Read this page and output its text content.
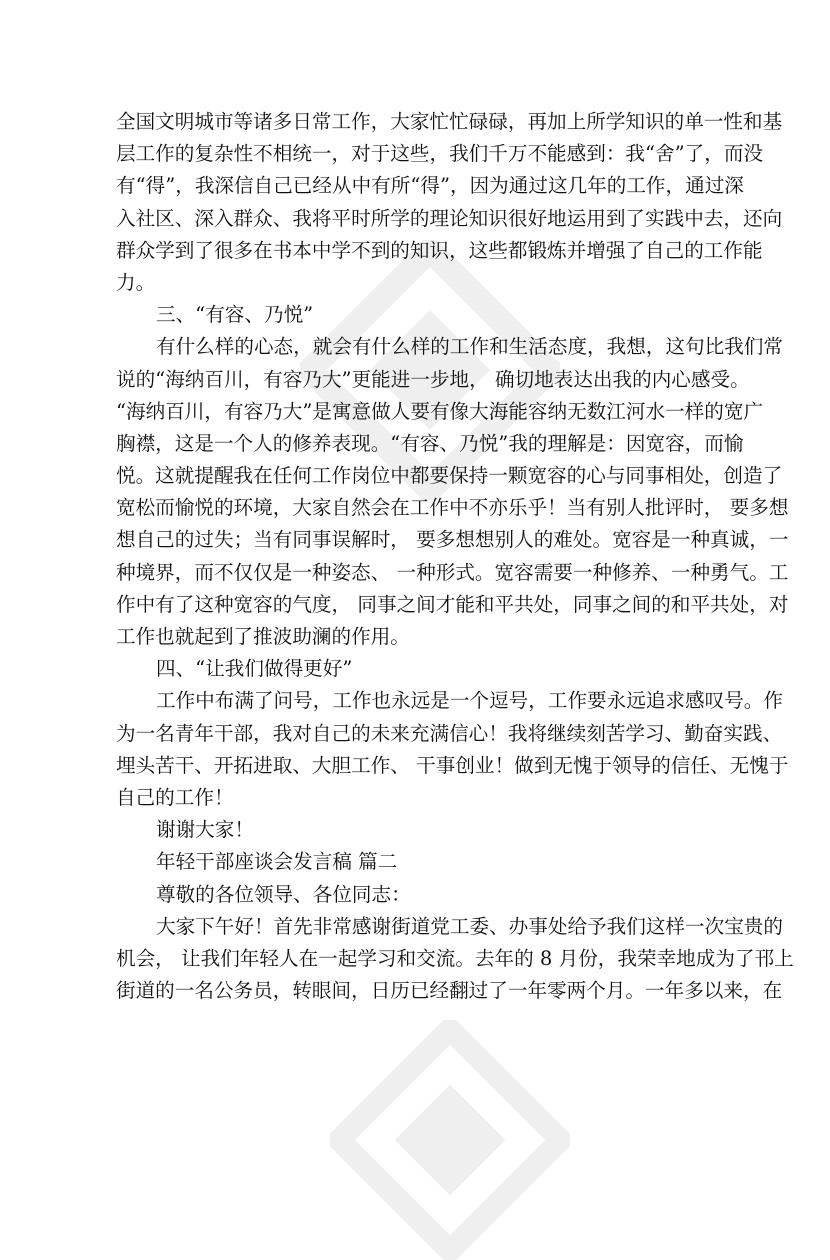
全国文明城市等诸多日常工作，大家忙忙碌碌，再加上所学知识的单一性和基
层工作的复杂性不相统一，对于这些，我们千万不能感到：我“舍”了，而没
有“得”，我深信自己已经从中有所“得”，因为通过这几年的工作，通过深
入社区、深入群众、我将平时所学的理论知识很好地运用到了实践中去，还向
群众学到了很多在书本中学不到的知识，这些都锻炼并增强了自己的工作能
力。
三、“有容、乃悦”
有什么样的心态，就会有什么样的工作和生活态度，我想，这句比我们常
说的“海纳百川，有容乃大”更能进一步地， 确切地表达出我的内心感受。
“海纳百川，有容乃大”是寓意做人要有像大海能容纳无数江河水一样的宽广
胸襟，这是一个人的修养表现。“有容、乃悦”我的理解是：因宽容，而愉
悦。这就提醒我在任何工作岗位中都要保持一颗宽容的心与同事相处，创造了
宽松而愉悦的环境，大家自然会在工作中不亦乐乎！当有别人批评时， 要多想
想自己的过失；当有同事误解时， 要多想想别人的难处。宽容是一种真诚，一
种境界，而不仅仅是一种姿态、 一种形式。宽容需要一种修养、一种勇气。工
作中有了这种宽容的气度， 同事之间才能和平共处，同事之间的和平共处，对
工作也就起到了推波助澜的作用。
四、“让我们做得更好”
工作中布满了问号，工作也永远是一个逗号，工作要永远追求感叹号。作
为一名青年干部，我对自己的未来充满信心！我将继续刻苦学习、勤奋实践、
埋头苦干、开拓进取、大胆工作、 干事创业！做到无愧于领导的信任、无愧于
自己的工作！
谢谢大家！
年轻干部座谈会发言稿 篇二
尊敬的各位领导、各位同志：
大家下午好！首先非常感谢街道党工委、办事处给予我们这样一次宝贵的
机会， 让我们年轻人在一起学习和交流。去年的 8 月份，我荣幸地成为了邗上
街道的一名公务员，转眼间，日历已经翻过了一年零两个月。一年多以来，在
